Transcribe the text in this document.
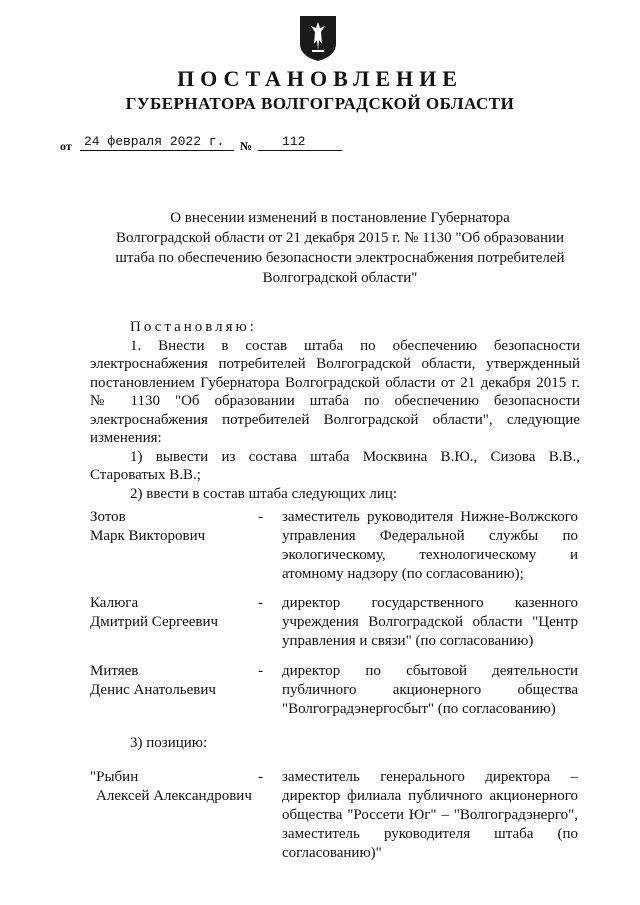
ПОСТАНОВЛЕНИЕ
ГУБЕРНАТОРА ВОЛГОГРАДСКОЙ ОБЛАСТИ
от 24 февраля 2022 г.	№	112
О внесении изменений в постановление Губернатора
Волгоградской области от 21 декабря 2015 г. № 1130 "Об образовании
штаба по обеспечению безопасности электроснабжения потребителей
Волгоградской области"

Постановляю:

1. Внести в состав штаба по обеспечению безопасности электроснабжения потребителей Волгоградской области, утвержденный постановлением Губернатора Волгоградской области от 21 декабря 2015 г. № 1130 "Об образовании штаба по обеспечению безопасности электроснабжения потребителей Волгоградской области", следующие изменения:

1) вывести из состава штаба Москвина В.Ю., Сизова В.В., Староватых В.В.;

2) ввести в состав штаба следующих лиц:

Зотов
Марк Викторович
- заместитель руководителя Нижне-Волжского управления Федеральной службы по экологическому, технологическому и атомному надзору (по согласованию);
Калюга
Дмитрий Сергеевич
- директор государственного казенного учреждения Волгоградской области "Центр управления и связи" (по согласованию)
Митяев
Денис Анатольевич
- директор по сбытовой деятельности публичного акционерного общества "Волгоградэнергосбыт" (по согласованию)
3) позицию:
"Рыбин
Алексей Александрович
- заместитель генерального директора – директор филиала публичного акционерного общества "Россети Юг" – "Волгоградэнерго", заместитель руководителя штаба (по согласованию)"
